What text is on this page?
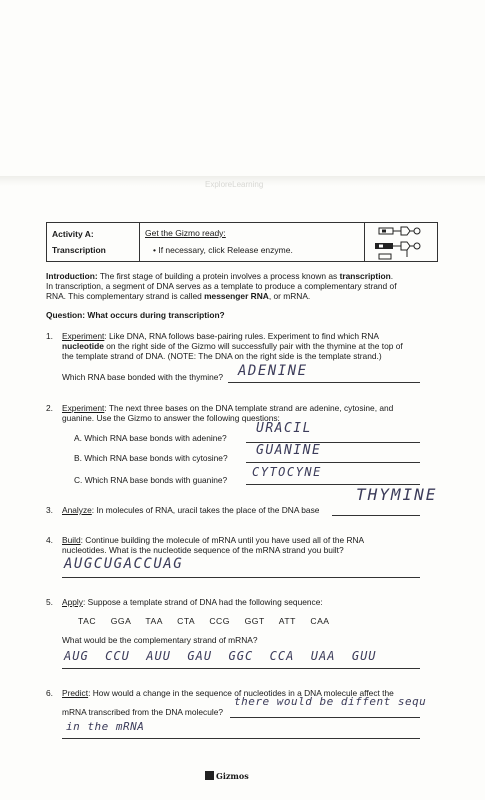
ExploreLearning
Activity A:
Transcription
Get the Gizmo ready:
• If necessary, click Release enzyme.
Introduction: The first stage of building a protein involves a process known as transcription.
In transcription, a segment of DNA serves as a template to produce a complementary strand of
RNA. This complementary strand is called messenger RNA, or mRNA.
Question: What occurs during transcription?
1. Experiment: Like DNA, RNA follows base-pairing rules. Experiment to find which RNA
nucleotide on the right side of the Gizmo will successfully pair with the thymine at the top of
the template strand of DNA. (NOTE: The DNA on the right side is the template strand.)
Which RNA base bonded with the thymine? ADENINE
2. Experiment: The next three bases on the DNA template strand are adenine, cytosine, and
guanine. Use the Gizmo to answer the following questions:
A. Which RNA base bonds with adenine?
URACIL
B. Which RNA base bonds with cytosine? GUANINE
C. Which RNA base bonds with guanine?
CYTOCYNE
3. Analyze: In molecules of RNA, uracil takes the place of the DNA base
THYMINE
4. Build: Continue building the molecule of mRNA until you have used all of the RNA
nucleotides. What is the nucleotide sequence of the mRNA strand you built?
AUGCUGACCUAG
5. Apply: Suppose a template strand of DNA had the following sequence:
TAC   GGA   TAA   CTA   CCG   GGT   ATT   CAA
What would be the complementary strand of mRNA?
AUG  CCU  AUU  GAU  GGC  CCA  UAA  GUU
6. Predict: How would a change in the sequence of nucleotides in a DNA molecule affect the
mRNA transcribed from the DNA molecule?
there would be diffent sequ
in the mRNA
Gizmos
